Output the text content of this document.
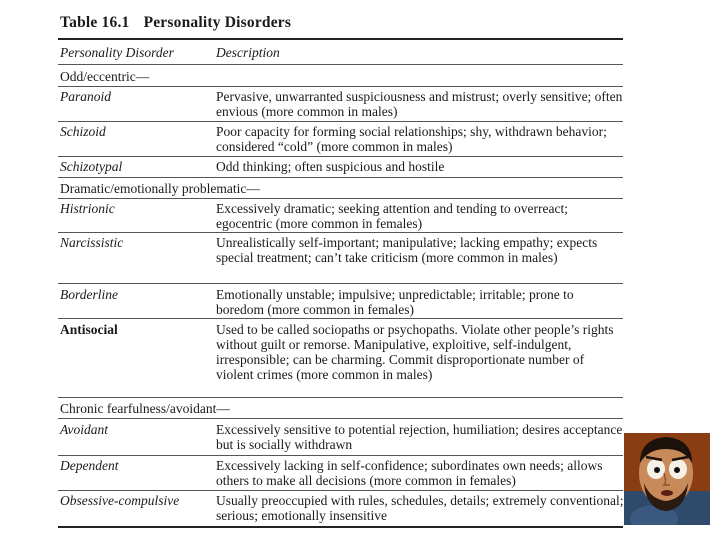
Table 16.1 Personality Disorders
Personality Disorder	Description
Odd/eccentric—
Paranoid	Pervasive, unwarranted suspiciousness and mistrust; overly sensitive; often envious (more common in males)
Schizoid	Poor capacity for forming social relationships; shy, withdrawn behavior; considered “cold” (more common in males)
Schizotypal	Odd thinking; often suspicious and hostile
Dramatic/emotionally problematic—
Histrionic	Excessively dramatic; seeking attention and tending to overreact; egocentric (more common in females)
Narcissistic	Unrealistically self-important; manipulative; lacking empathy; expects special treatment; can’t take criticism (more common in males)
Borderline	Emotionally unstable; impulsive; unpredictable; irritable; prone to boredom (more common in females)
Antisocial	Used to be called sociopaths or psychopaths. Violate other people’s rights without guilt or remorse. Manipulative, exploitive, self-indulgent, irresponsible; can be charming. Commit disproportionate number of violent crimes (more common in males)
Chronic fearfulness/avoidant—
Avoidant	Excessively sensitive to potential rejection, humiliation; desires acceptance but is socially withdrawn
Dependent	Excessively lacking in self-confidence; subordinates own needs; allows others to make all decisions (more common in females)
Obsessive-compulsive	Usually preoccupied with rules, schedules, details; extremely conventional; serious; emotionally insensitive
